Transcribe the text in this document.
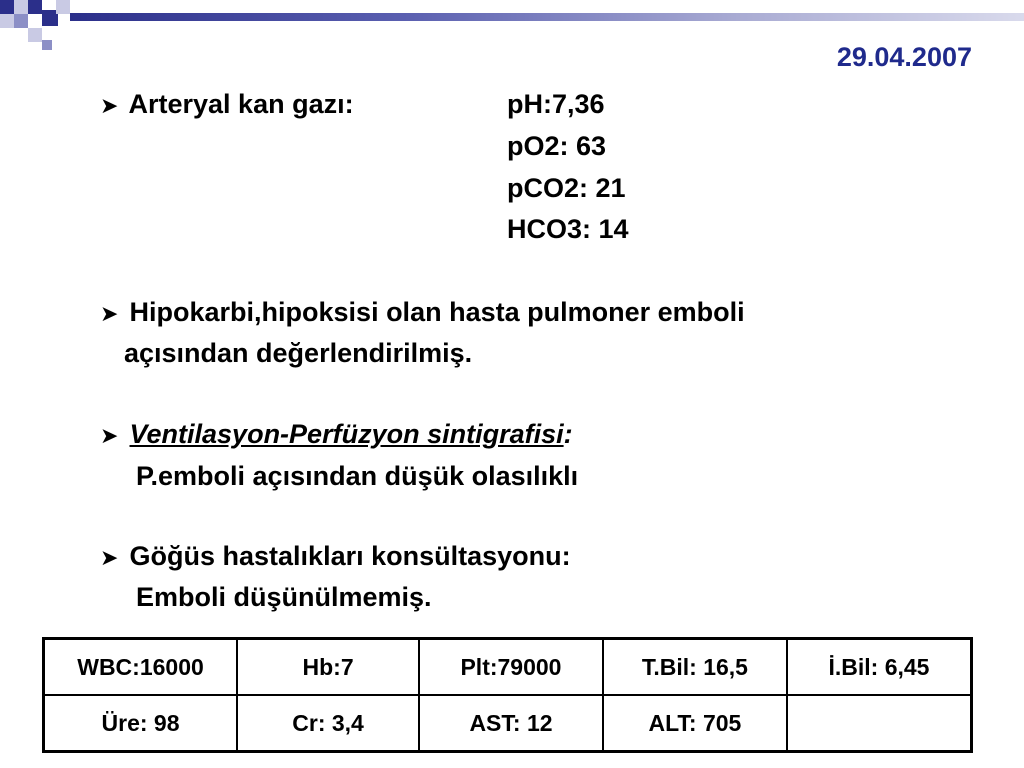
29.04.2007
➤ Arteryal kan gazı:	pH:7,36
pO2: 63
pCO2: 21
HCO3: 14
➤ Hipokarbi,hipoksisi olan hasta pulmoner emboli
açısından değerlendirilmiş.
➤ Ventilasyon-Perfüzyon sintigrafisi:
P.emboli açısından düşük olasılıklı
➤ Göğüs hastalıkları konsültasyonu:
Emboli düşünülmemiş.
WBC:16000	Hb:7	Plt:79000	T.Bil: 16,5	İ.Bil: 6,45
Üre: 98	Cr: 3,4	AST: 12	ALT: 705	
